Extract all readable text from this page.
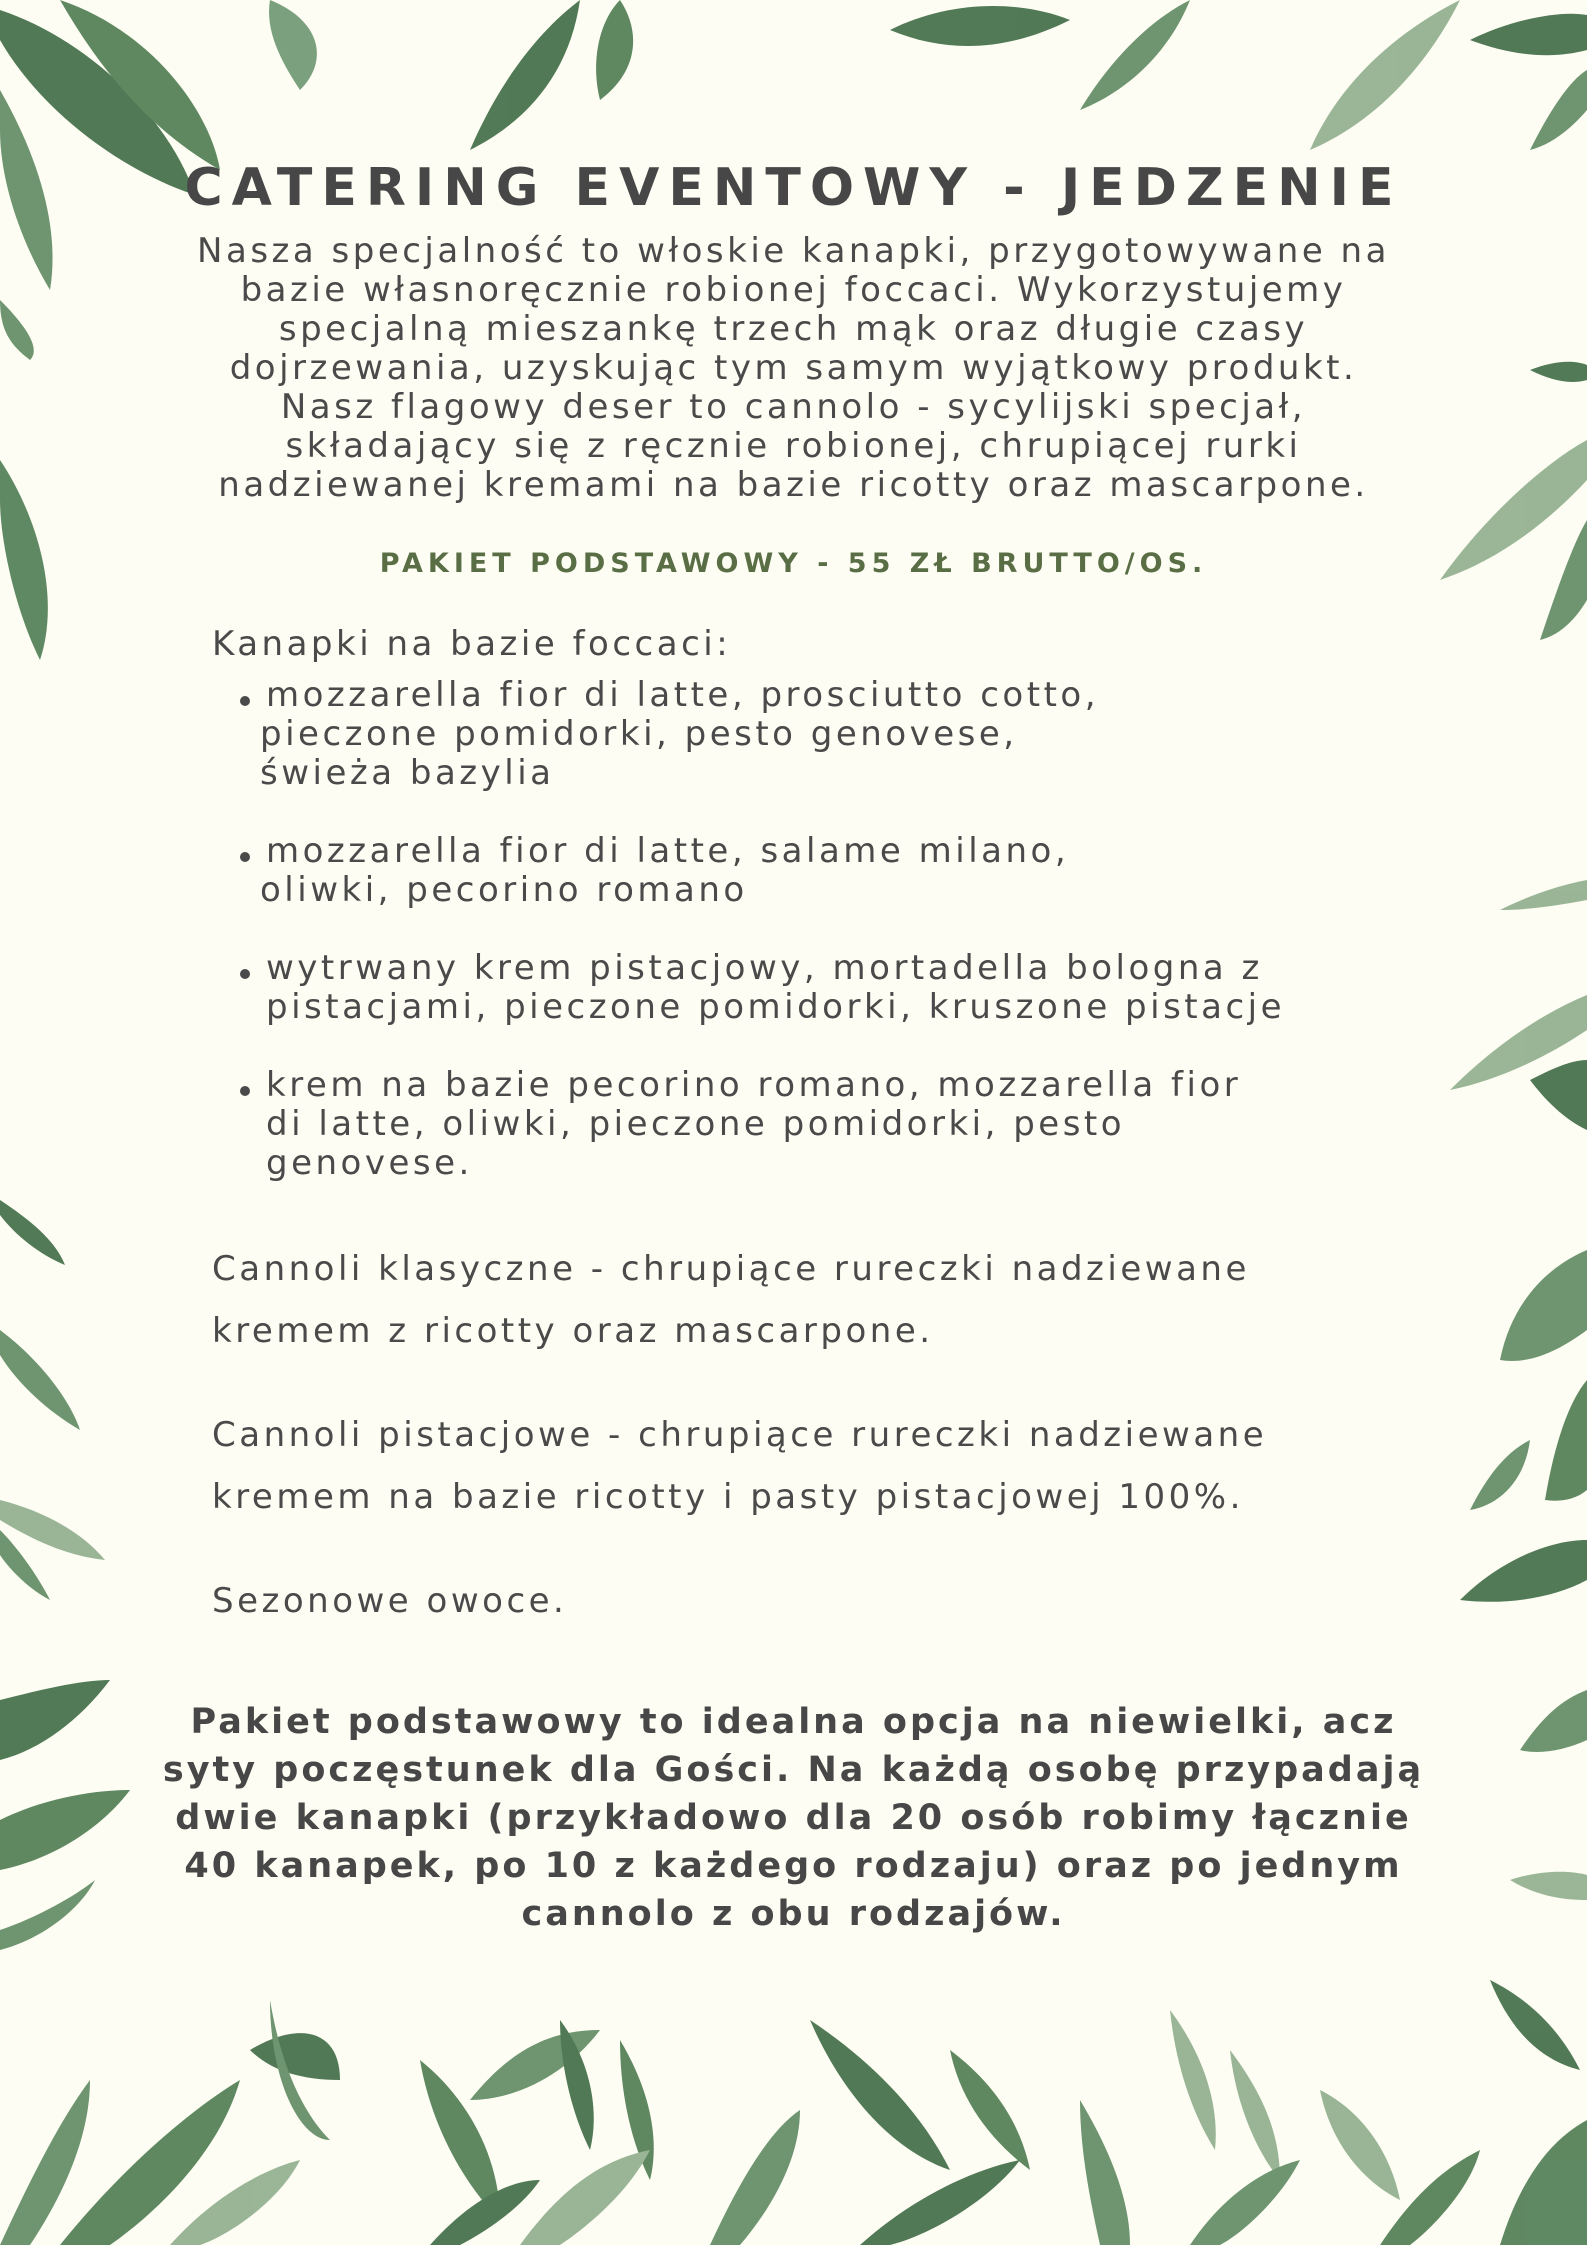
CATERING EVENTOWY - JEDZENIE
Nasza specjalność to włoskie kanapki, przygotowywane na
bazie własnoręcznie robionej foccaci. Wykorzystujemy
specjalną mieszankę trzech mąk oraz długie czasy
dojrzewania, uzyskując tym samym wyjątkowy produkt.
Nasz flagowy deser to cannolo - sycylijski specjał,
składający się z ręcznie robionej, chrupiącej rurki
nadziewanej kremami na bazie ricotty oraz mascarpone.
PAKIET PODSTAWOWY - 55 ZŁ BRUTTO/OS.
Kanapki na bazie foccaci:
mozzarella fior di latte, prosciutto cotto,
pieczone pomidorki, pesto genovese,
świeża bazylia
mozzarella fior di latte, salame milano,
oliwki, pecorino romano
wytrwany krem pistacjowy, mortadella bologna z
pistacjami, pieczone pomidorki, kruszone pistacje
krem na bazie pecorino romano, mozzarella fior
di latte, oliwki, pieczone pomidorki, pesto
genovese.
Cannoli klasyczne - chrupiące rureczki nadziewane
kremem z ricotty oraz mascarpone.
Cannoli pistacjowe - chrupiące rureczki nadziewane
kremem na bazie ricotty i pasty pistacjowej 100%.
Sezonowe owoce.
Pakiet podstawowy to idealna opcja na niewielki, acz
syty poczęstunek dla Gości. Na każdą osobę przypadają
dwie kanapki (przykładowo dla 20 osób robimy łącznie
40 kanapek, po 10 z każdego rodzaju) oraz po jednym
cannolo z obu rodzajów.
